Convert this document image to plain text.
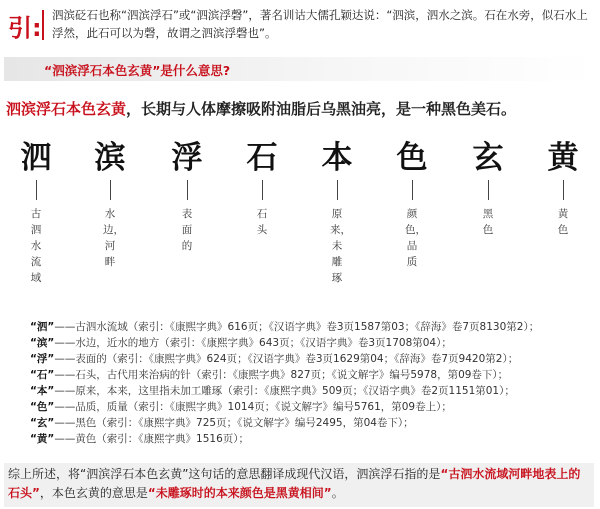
引: 泗滨砭石也称“泗滨浮石”或“泗滨浮磬”，著名训诂大儒孔颖达说：“泗滨，泗水之滨。石在水旁，似石水上浮然，此石可以为磬，故谓之泗滨浮磬也”。
“泗滨浮石本色玄黄”是什么意思?
泗滨浮石本色玄黄，长期与人体摩擦吸附油脂后乌黑油亮，是一种黑色美石。
泗
古泗水流域
滨
水边，河畔
浮
表面的
石
石头
本
原来，未雕琢
色
颜色，品质
玄
黑色
黄
黄色
“泗”——古泗水流域（索引：《康熙字典》616页；《汉语字典》卷3页1587第03；《辞海》卷7页8130第2）；
“滨”——水边，近水的地方（索引：《康熙字典》643页；《汉语字典》卷3页1708第04）；
“浮”——表面的（索引：《康熙字典》624页；《汉语字典》卷3页1629第04；《辞海》卷7页9420第2）；
“石”——石头，古代用来治病的针（索引：《康熙字典》827页；《说文解字》编号5978，第09卷下）；
“本”——原来，本来，这里指未加工雕琢（索引：《康熙字典》509页；《汉语字典》卷2页1151第01）；
“色”——品质，质量（索引：《康熙字典》1014页；《说文解字》编号5761，第09卷上）；
“玄”——黑色（索引：《康熙字典》725页；《说文解字》编号2495，第04卷下）；
“黄”——黄色（索引：《康熙字典》1516页）；
综上所述，将“泗滨浮石本色玄黄”这句话的意思翻译成现代汉语，泗滨浮石指的是“古泗水流域河畔地表上的石头”，本色玄黄的意思是“未雕琢时的本来颜色是黑黄相间”。
